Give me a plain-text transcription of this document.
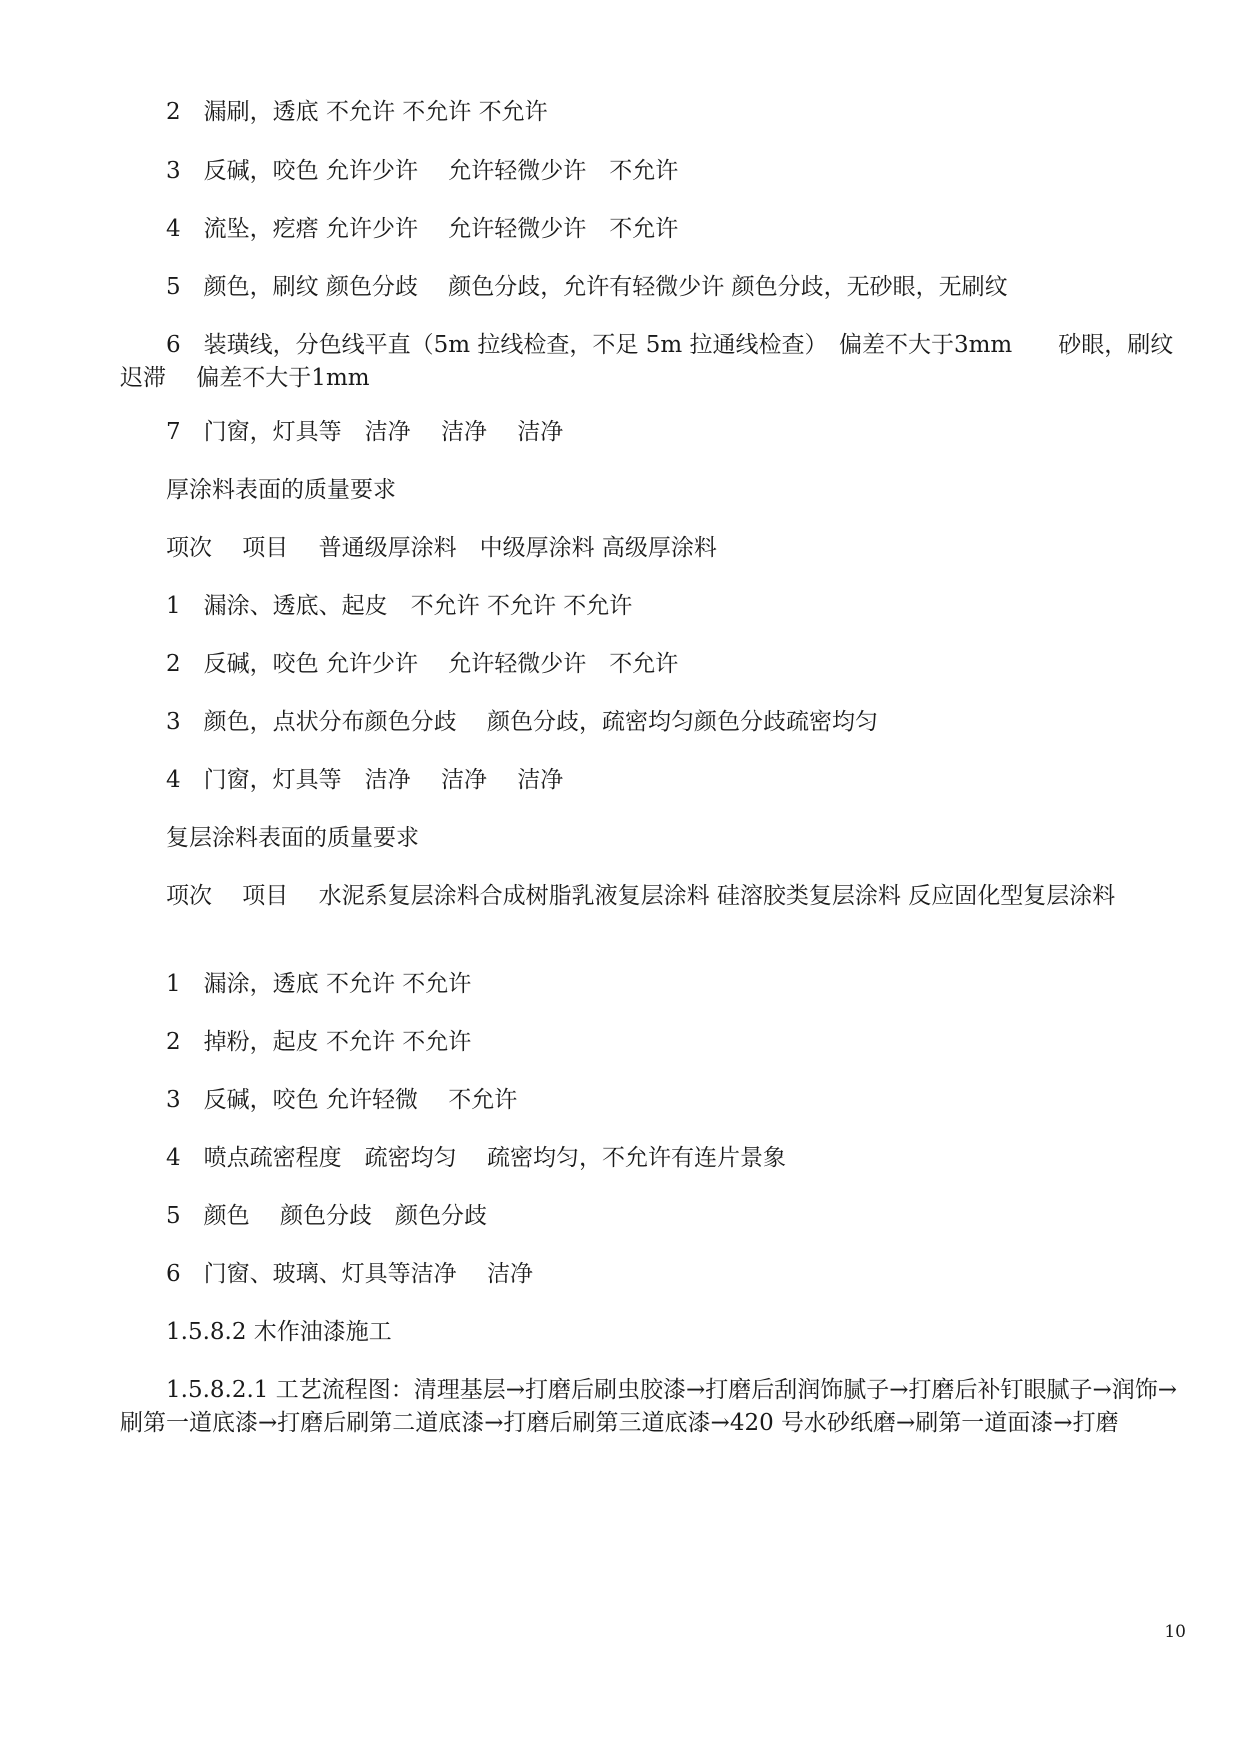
2　漏刷，透底 不允许 不允许 不允许
3　反碱，咬色 允许少许　 允许轻微少许　不允许
4　流坠，疙瘩 允许少许　 允许轻微少许　不允许
5　颜色，刷纹 颜色分歧　 颜色分歧，允许有轻微少许 颜色分歧，无砂眼，无刷纹
6　装璜线，分色线平直（5m 拉线检查，不足 5m 拉通线检查）　偏差不大于3mm　　砂眼，刷纹迟滞　 偏差不大于1mm
7　门窗，灯具等　洁净　 洁净　 洁净
厚涂料表面的质量要求
项次　 项目　 普通级厚涂料　中级厚涂料 高级厚涂料
1　漏涂、透底、起皮　不允许 不允许 不允许
2　反碱，咬色 允许少许　 允许轻微少许　不允许
3　颜色，点状分布颜色分歧　 颜色分歧，疏密均匀颜色分歧疏密均匀
4　门窗，灯具等　洁净　 洁净　 洁净
复层涂料表面的质量要求
项次　 项目　 水泥系复层涂料合成树脂乳液复层涂料 硅溶胶类复层涂料 反应固化型复层涂料
1　漏涂，透底 不允许 不允许
2　掉粉，起皮 不允许 不允许
3　反碱，咬色 允许轻微　 不允许
4　喷点疏密程度　疏密均匀　 疏密均匀，不允许有连片景象
5　颜色　 颜色分歧　颜色分歧
6　门窗、玻璃、灯具等洁净　 洁净
1.5.8.2 木作油漆施工
1.5.8.2.1 工艺流程图：清理基层→打磨后刷虫胶漆→打磨后刮润饰腻子→打磨后补钉眼腻子→润饰→刷第一道底漆→打磨后刷第二道底漆→打磨后刷第三道底漆→420 号水砂纸磨→刷第一道面漆→打磨
10
